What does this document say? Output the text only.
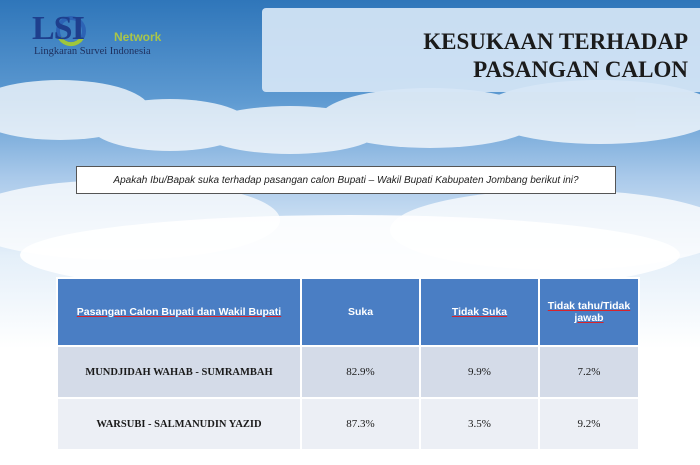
LSI	Network
Lingkaran Survei Indonesia	KESUKAAN TERHADAP
PASANGAN CALON
Apakah Ibu/Bapak suka terhadap pasangan calon Bupati – Wakil Bupati Kabupaten Jombang berikut ini?
Pasangan Calon Bupati dan Wakil Bupati	Suka	Tidak Suka	Tidak tahu/Tidak jawab
MUNDJIDAH WAHAB - SUMRAMBAH	82.9%	9.9%	7.2%
WARSUBI - SALMANUDIN YAZID	87.3%	3.5%	9.2%
